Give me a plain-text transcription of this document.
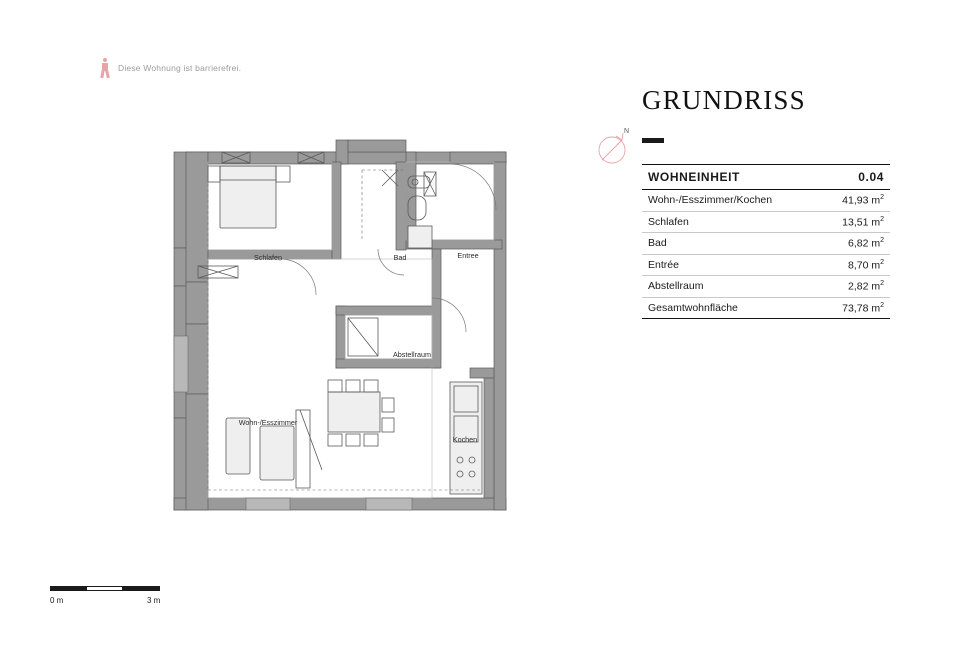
Diese Wohnung ist barrierefrei.
Schlafen	Bad	Entree
Abstellraum
Wohn-/Esszimmer
Kochen
GRUNDRISS
N
WOHNEINHEIT	0.04
Wohn-/Esszimmer/Kochen	41,93 $m^2$
Schlafen	13,51 $m^2$
Bad	6,82 $m^2$
Entrée	8,70 $m^2$
Abstellraum	2,82 $m^2$
Gesamtwohnfläche	73,78 $m^2$
0 m	3 m
